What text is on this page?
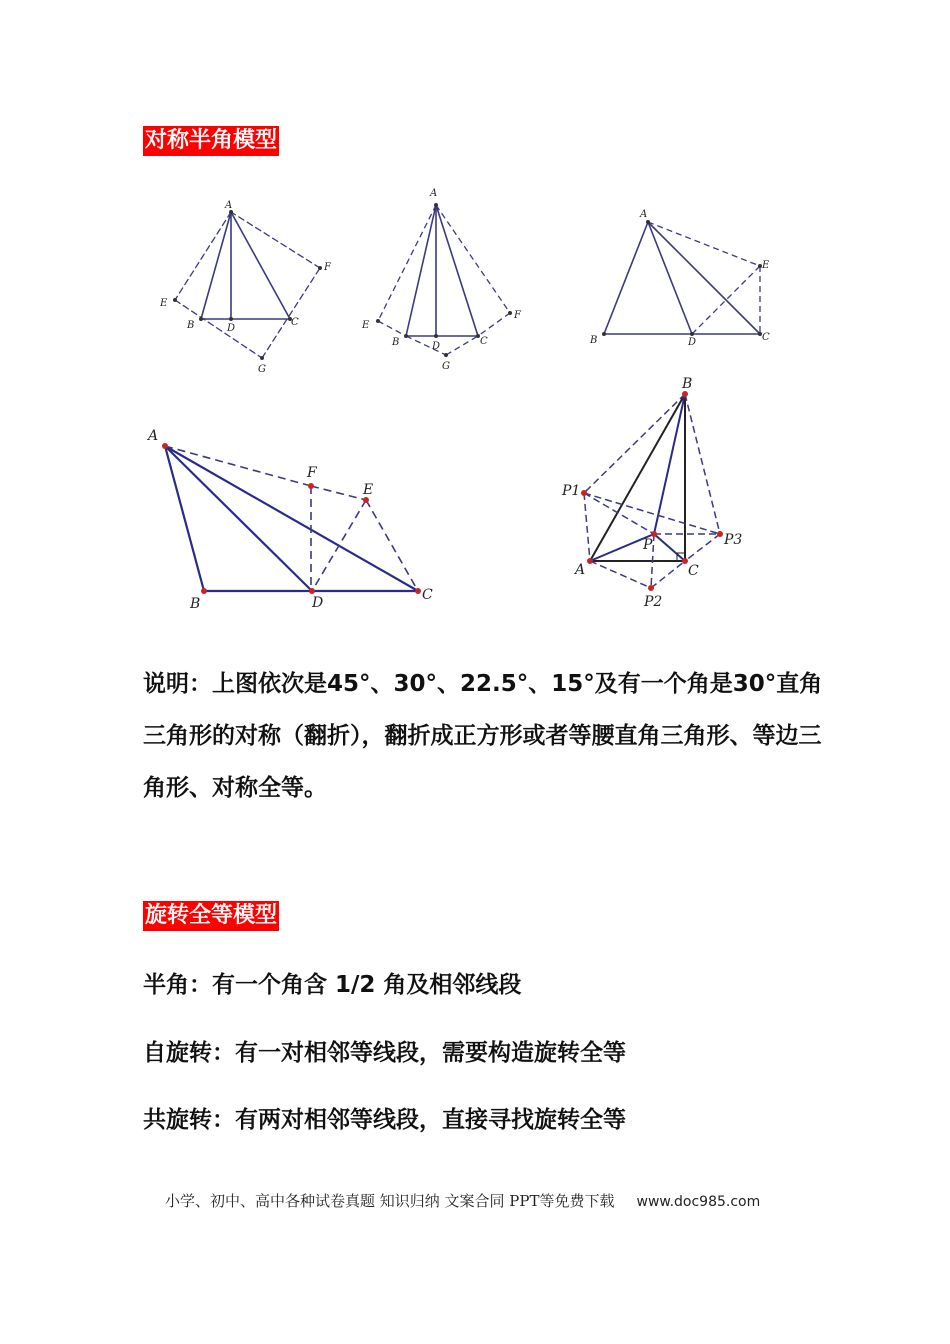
对称半角模型
A
E
F
B	D
C
G
A
E
F
B	D	C
G
A
E
B	D	C
A
F
E
B	D	C
B
P1
P	P3
A	C
P2
说明：上图依次是45°、30°、22.5°、15°及有一个角是30°直角三角形的对称（翻折），翻折成正方形或者等腰直角三角形、等边三角形、对称全等。
旋转全等模型
半角：有一个角含 1/2 角及相邻线段
自旋转：有一对相邻等线段，需要构造旋转全等
共旋转：有两对相邻等线段，直接寻找旋转全等
小学、初中、高中各种试卷真题 知识归纳 文案合同 PPT等免费下载 www.doc985.com
